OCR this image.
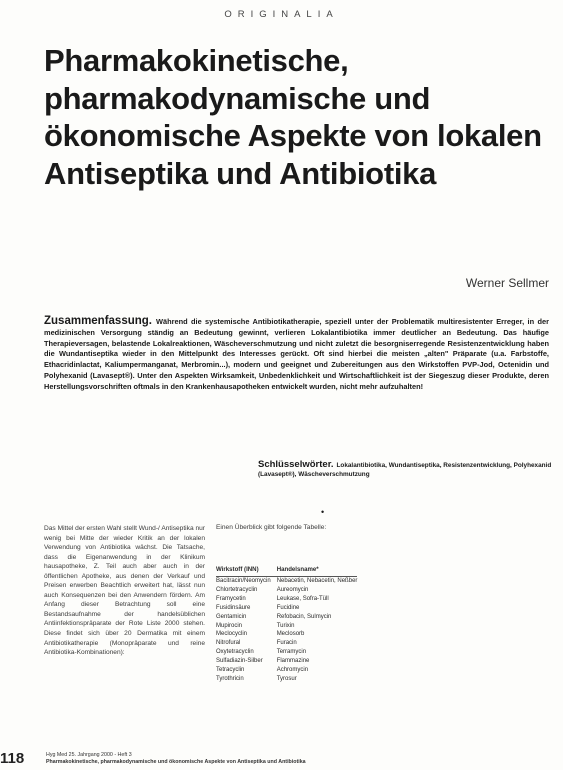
ORIGINALIA
Pharmakokinetische, pharmakodynamische und ökonomische Aspekte von lokalen Antiseptika und Antibiotika
Werner Sellmer

Zusammenfassung. Während die systemische Antibiotikatherapie, speziell unter der Problematik multiresistenter Erreger, in der medizinischen Versorgung ständig an Bedeutung gewinnt, verlieren Lokalantibiotika immer deutlicher an Bedeutung. Das häufige Therapieversagen, belastende Lokalreaktionen, Wäscheverschmutzung und nicht zuletzt die besorgniserregende Resistenzentwicklung haben die Wundantiseptika wieder in den Mittelpunkt des Interesses gerückt. Oft sind hierbei die meisten „alten" Präparate (u.a. Farbstoffe, Ethacridinlactat, Kaliumpermanganat, Merbromin...), modern und geeignet und Zubereitungen aus den Wirkstoffen PVP-Jod, Octenidin und Polyhexanid (Lavasept®). Unter den Aspekten Wirksamkeit, Unbedenklichkeit und Wirtschaftlichkeit ist der Siegeszug dieser Produkte, deren Herstellungsvorschriften oftmals in den Krankenhausapotheken entwickelt wurden, nicht mehr aufzuhalten!

Schlüsselwörter. Lokalantibiotika, Wundantiseptika, Resistenzentwicklung, Polyhexanid (Lavasept®), Wäscheverschmutzung
•

Das Mittel der ersten Wahl stellt Wund-/ Antiseptika nur wenig bei Mitte der wieder Kritik an der lokalen Verwendung von Antibiotika wächst. Die Tatsache, dass die Eigenanwendung in der Klinikum hausapotheke, Z. Teil auch aber auch in der öffentlichen Apotheke, aus denen der Verkauf und Preisen erwerben Beachtlich erweitert hat, lässt nun auch Konsequenzen bei den Anwendern fördern. Am Anfang dieser Betrachtung soll eine Bestandsaufnahme der handelsüblichen Antiinfektionspräparate der Rote Liste 2000 stehen. Diese findet sich über 20 Dermatika mit einem Antibiotikatherapie (Monopräparate und reine Antibiotika-Kombinationen):

Einen Überblick gibt folgende Tabelle:

Wirkstoff (INN)	Handelsname*
Bacitracin/Neomycin	Nebacetin, Nebacetin, Neßber
Chlortetracyclin	Aureomycin
Framycetin	Leukase, Sofra-Tüll
Fusidinsäure	Fucidine
Gentamicin	Refobacin, Sulmycin
Mupirocin	Turixin
Meclocyclin	Meclosorb
Nitrofural	Furacin
Oxytetracyclin	Terramycin
Sulfadiazin-Silber	Flammazine
Tetracyclin	Achromycin
Tyrothricin	Tyrosur
118	Hyg Med 25. Jahrgang 2000 - Heft 3
Pharmakokinetische, pharmakodynamische und ökonomische Aspekte von Antiseptika und Antibiotika
